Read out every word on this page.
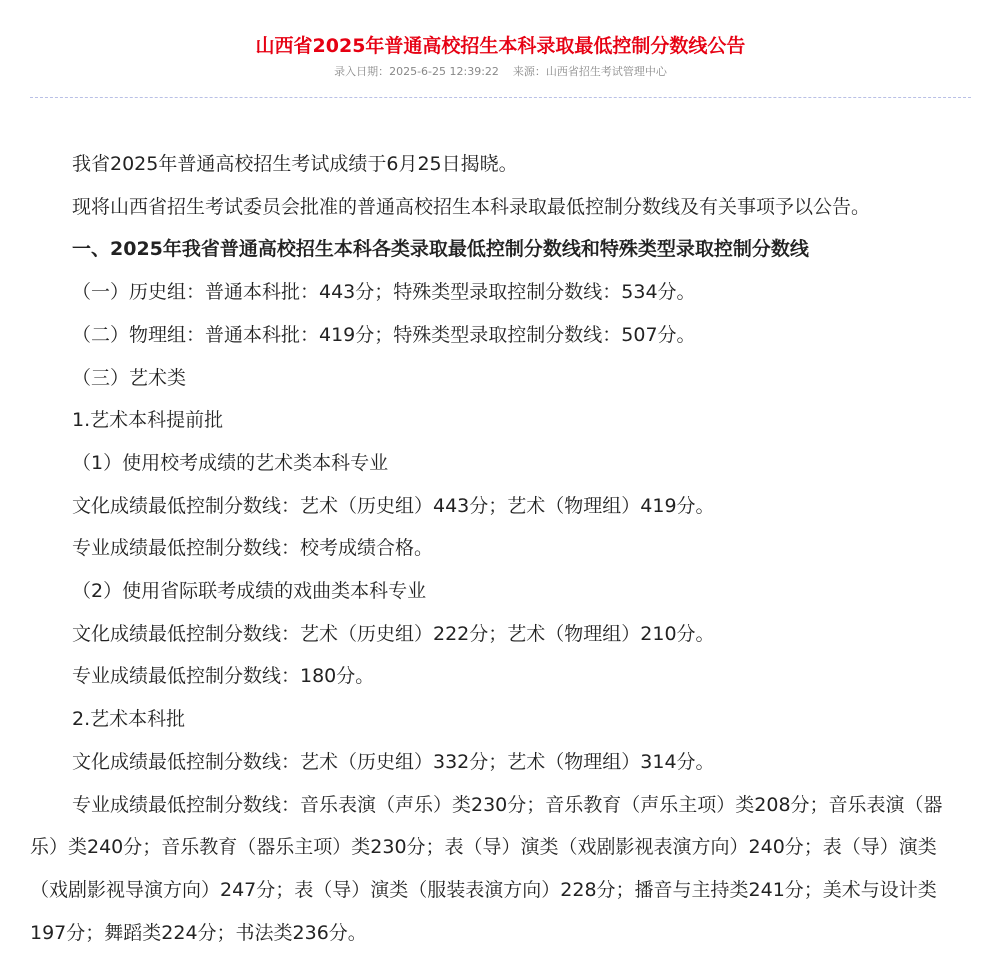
山西省2025年普通高校招生本科录取最低控制分数线公告
录入日期：2025-6-25 12:39:22 来源：山西省招生考试管理中心

我省2025年普通高校招生考试成绩于6月25日揭晓。

现将山西省招生考试委员会批准的普通高校招生本科录取最低控制分数线及有关事项予以公告。

一、2025年我省普通高校招生本科各类录取最低控制分数线和特殊类型录取控制分数线

（一）历史组：普通本科批：443分；特殊类型录取控制分数线：534分。

（二）物理组：普通本科批：419分；特殊类型录取控制分数线：507分。

（三）艺术类

1.艺术本科提前批

（1）使用校考成绩的艺术类本科专业

文化成绩最低控制分数线：艺术（历史组）443分；艺术（物理组）419分。

专业成绩最低控制分数线：校考成绩合格。

（2）使用省际联考成绩的戏曲类本科专业

文化成绩最低控制分数线：艺术（历史组）222分；艺术（物理组）210分。

专业成绩最低控制分数线：180分。

2.艺术本科批

文化成绩最低控制分数线：艺术（历史组）332分；艺术（物理组）314分。

专业成绩最低控制分数线：音乐表演（声乐）类230分；音乐教育（声乐主项）类208分；音乐表演（器乐）类240分；音乐教育（器乐主项）类230分；表（导）演类（戏剧影视表演方向）240分；表（导）演类（戏剧影视导演方向）247分；表（导）演类（服装表演方向）228分；播音与主持类241分；美术与设计类197分；舞蹈类224分；书法类236分。
